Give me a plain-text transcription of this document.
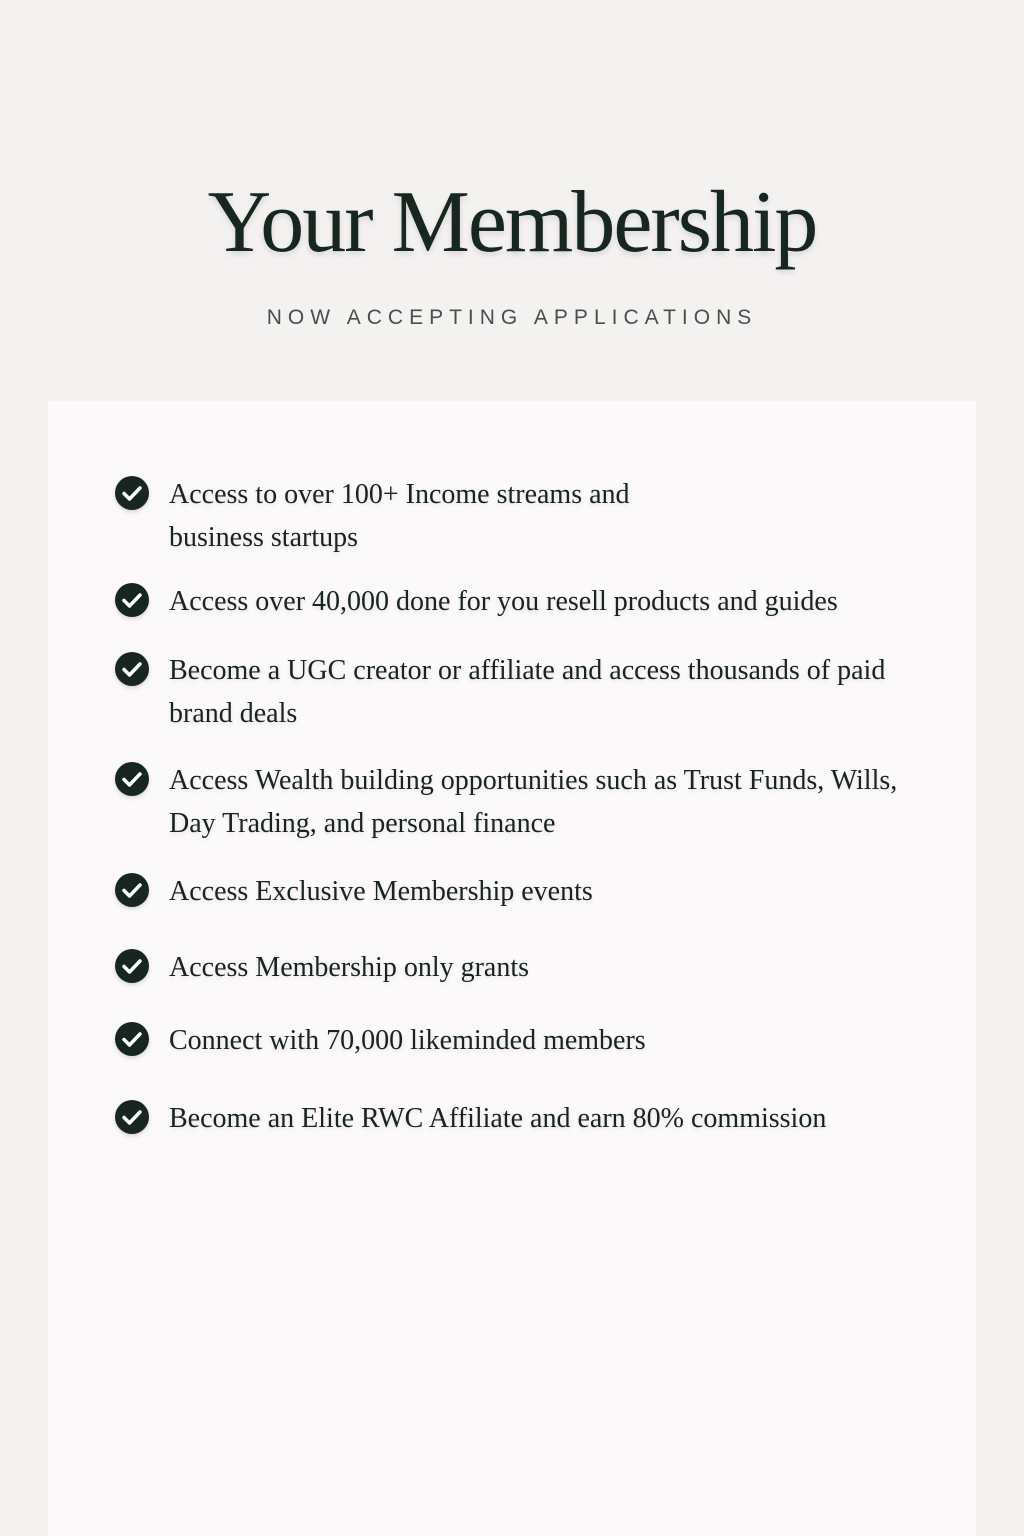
Your Membership
NOW ACCEPTING APPLICATIONS
Access to over 100+ Income streams and business startups
Access over 40,000 done for you resell products and guides
Become a UGC creator or affiliate and access thousands of paid brand deals
Access Wealth building opportunities such as Trust Funds, Wills, Day Trading, and personal finance
Access Exclusive Membership events
Access Membership only grants
Connect with 70,000 likeminded members
Become an Elite RWC Affiliate and earn 80% commission
